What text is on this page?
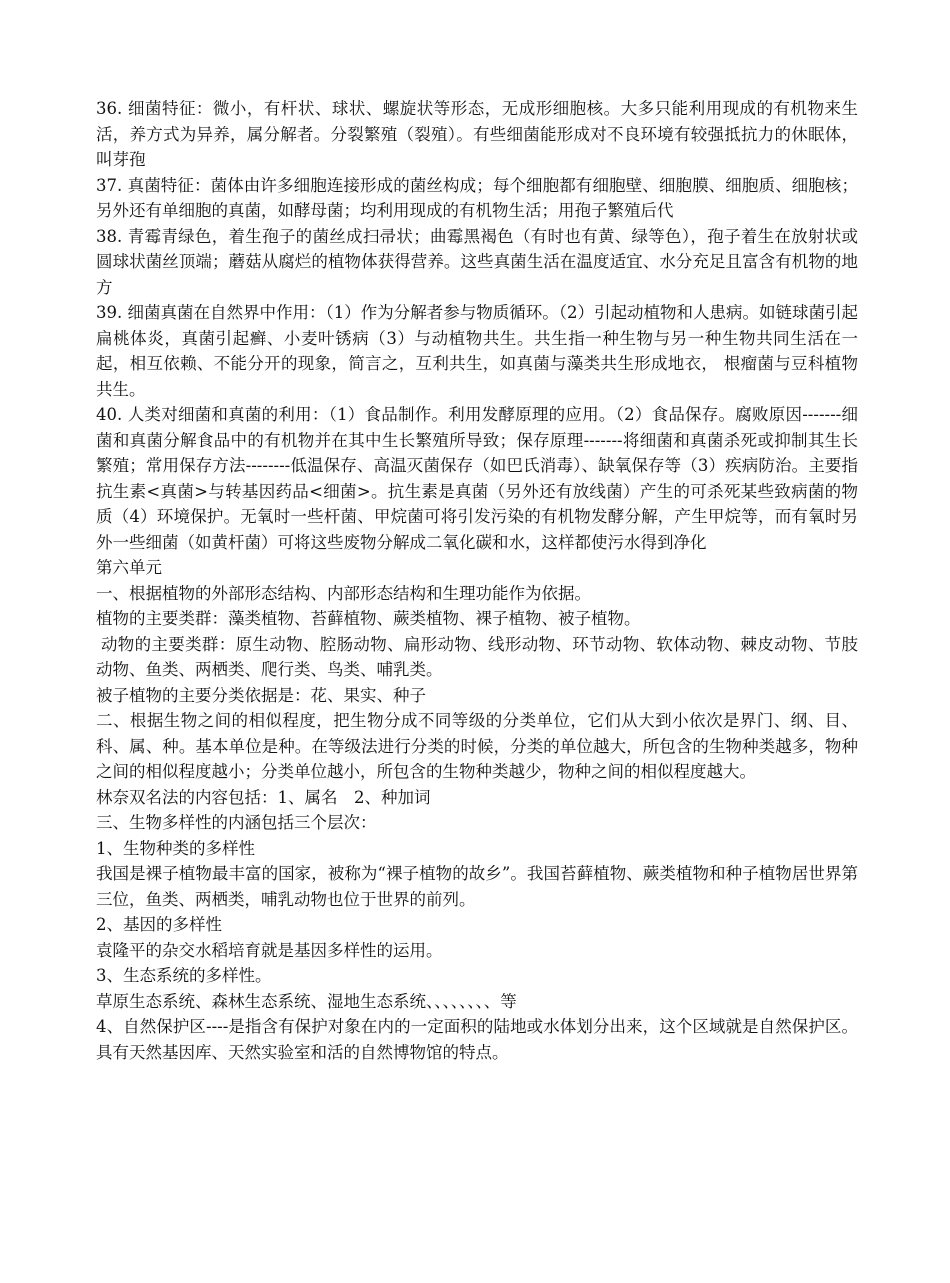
36. 细菌特征：微小，有杆状、球状、螺旋状等形态，无成形细胞核。大多只能利用现成的有机物来生活，养方式为异养，属分解者。分裂繁殖（裂殖）。有些细菌能形成对不良环境有较强抵抗力的休眠体，叫芽孢

37. 真菌特征：菌体由许多细胞连接形成的菌丝构成；每个细胞都有细胞壁、细胞膜、细胞质、细胞核；另外还有单细胞的真菌，如酵母菌；均利用现成的有机物生活；用孢子繁殖后代

38. 青霉青绿色，着生孢子的菌丝成扫帚状；曲霉黑褐色（有时也有黄、绿等色），孢子着生在放射状或圆球状菌丝顶端；蘑菇从腐烂的植物体获得营养。这些真菌生活在温度适宜、水分充足且富含有机物的地方

39. 细菌真菌在自然界中作用：（1）作为分解者参与物质循环。（2）引起动植物和人患病。如链球菌引起扁桃体炎，真菌引起癣、小麦叶锈病（3）与动植物共生。共生指一种生物与另一种生物共同生活在一起，相互依赖、不能分开的现象，简言之，互利共生，如真菌与藻类共生形成地衣， 根瘤菌与豆科植物共生。

40. 人类对细菌和真菌的利用：（1）食品制作。利用发酵原理的应用。（2）食品保存。腐败原因-------细菌和真菌分解食品中的有机物并在其中生长繁殖所导致；保存原理-------将细菌和真菌杀死或抑制其生长繁殖；常用保存方法--------低温保存、高温灭菌保存（如巴氏消毒）、缺氧保存等（3）疾病防治。主要指抗生素<真菌>与转基因药品<细菌>。抗生素是真菌（另外还有放线菌）产生的可杀死某些致病菌的物质（4）环境保护。无氧时一些杆菌、甲烷菌可将引发污染的有机物发酵分解，产生甲烷等，而有氧时另外一些细菌（如黄杆菌）可将这些废物分解成二氧化碳和水，这样都使污水得到净化

第六单元

一、根据植物的外部形态结构、内部形态结构和生理功能作为依据。

植物的主要类群：藻类植物、苔藓植物、蕨类植物、裸子植物、被子植物。

动物的主要类群：原生动物、腔肠动物、扁形动物、线形动物、环节动物、软体动物、棘皮动物、节肢动物、鱼类、两栖类、爬行类、鸟类、哺乳类。

被子植物的主要分类依据是：花、果实、种子

二、根据生物之间的相似程度，把生物分成不同等级的分类单位，它们从大到小依次是界门、纲、目、科、属、种。基本单位是种。在等级法进行分类的时候，分类的单位越大，所包含的生物种类越多，物种之间的相似程度越小；分类单位越小，所包含的生物种类越少，物种之间的相似程度越大。

林奈双名法的内容包括：1、属名　2、种加词

三、生物多样性的内涵包括三个层次：

1、生物种类的多样性

我国是裸子植物最丰富的国家，被称为“裸子植物的故乡”。我国苔藓植物、蕨类植物和种子植物居世界第三位，鱼类、两栖类，哺乳动物也位于世界的前列。

2、基因的多样性

袁隆平的杂交水稻培育就是基因多样性的运用。

3、生态系统的多样性。

草原生态系统、森林生态系统、湿地生态系统、、、、、、、、等

4、自然保护区----是指含有保护对象在内的一定面积的陆地或水体划分出来，这个区域就是自然保护区。具有天然基因库、天然实验室和活的自然博物馆的特点。
